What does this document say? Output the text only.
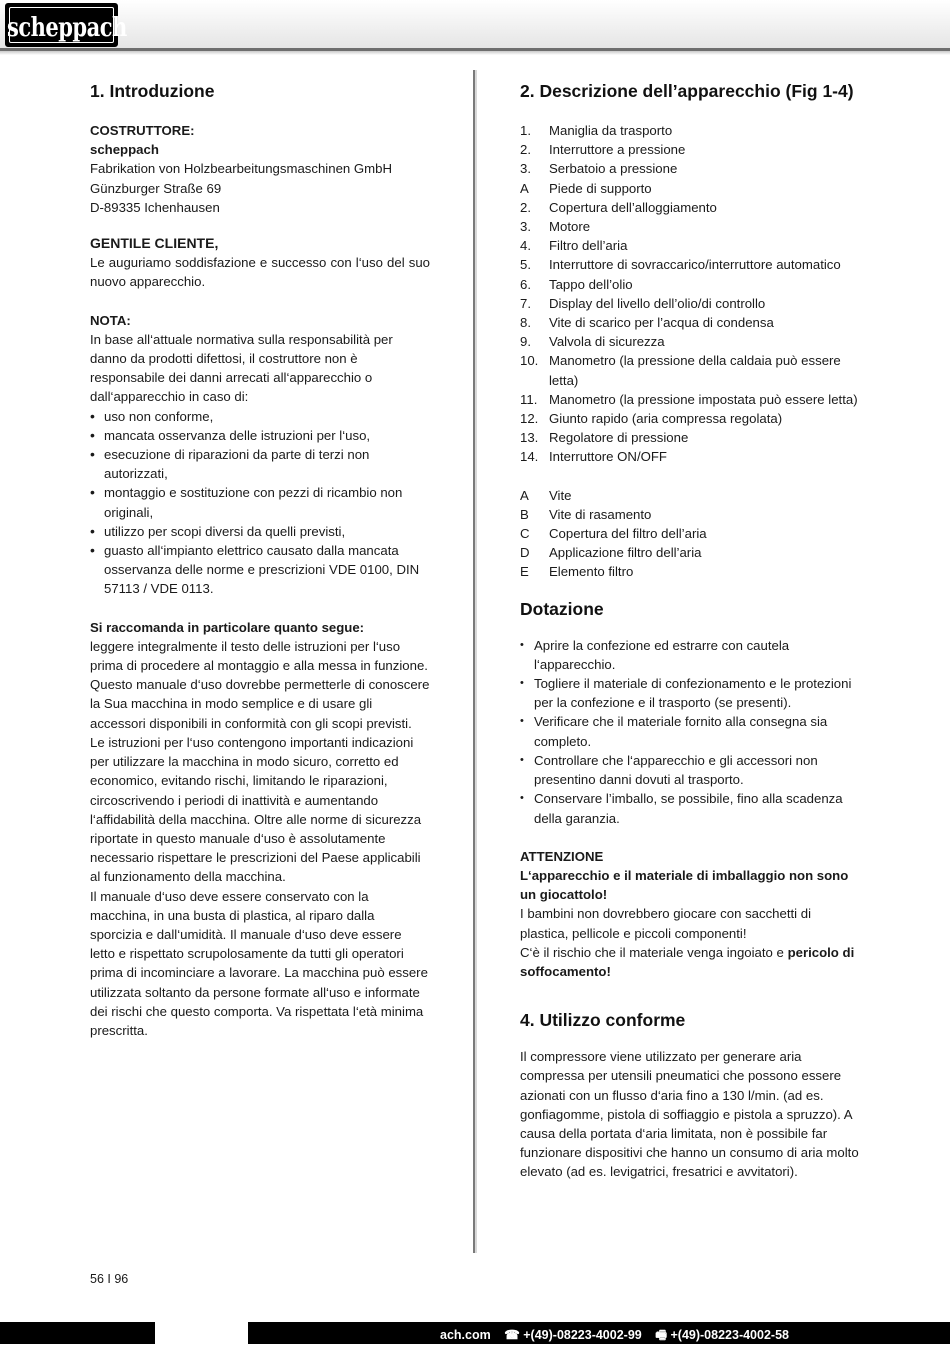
scheppach
1. Introduzione

COSTRUTTORE:

scheppach

Fabrikation von Holzbearbeitungsmaschinen GmbH

Günzburger Straße 69

D-89335 Ichenhausen

GENTILE CLIENTE,

Le auguriamo soddisfazione e successo con l‘uso del suo nuovo apparecchio.

NOTA:

In base all‘attuale normativa sulla responsabilità per danno da prodotti difettosi, il costruttore non è responsabile dei danni arrecati all‘apparecchio o dall‘apparecchio in caso di:

• uso non conforme,
• mancata osservanza delle istruzioni per l‘uso,
• esecuzione di riparazioni da parte di terzi non autorizzati,
• montaggio e sostituzione con pezzi di ricambio non originali,
• utilizzo per scopi diversi da quelli previsti,
• guasto all‘impianto elettrico causato dalla mancata osservanza delle norme e prescrizioni VDE 0100, DIN 57113 / VDE 0113.

Si raccomanda in particolare quanto segue:

leggere integralmente il testo delle istruzioni per l‘uso prima di procedere al montaggio e alla messa in funzione. Questo manuale d‘uso dovrebbe permetterle di conoscere la Sua macchina in modo semplice e di usare gli accessori disponibili in conformità con gli scopi previsti. Le istruzioni per l‘uso contengono importanti indicazioni per utilizzare la macchina in modo sicuro, corretto ed economico, evitando rischi, limitando le riparazioni, circoscrivendo i periodi di inattività e aumentando l‘affidabilità della macchina. Oltre alle norme di sicurezza riportate in questo manuale d‘uso è assolutamente necessario rispettare le prescrizioni del Paese applicabili al funzionamento della macchina.

Il manuale d‘uso deve essere conservato con la macchina, in una busta di plastica, al riparo dalla sporcizia e dall‘umidità. Il manuale d‘uso deve essere letto e rispettato scrupolosamente da tutti gli operatori prima di incominciare a lavorare. La macchina può essere utilizzata soltanto da persone formate all‘uso e informate dei rischi che questo comporta. Va rispettata l‘età minima prescritta.

2. Descrizione dell’apparecchio (Fig 1-4)
1. Maniglia da trasporto
2. Interruttore a pressione
3. Serbatoio a pressione
A Piede di supporto
2. Copertura dell’alloggiamento
3. Motore
4. Filtro dell’aria
5. Interruttore di sovraccarico/interruttore automatico
6. Tappo dell’olio
7. Display del livello dell’olio/di controllo
8. Vite di scarico per l’acqua di condensa
9. Valvola di sicurezza
10. Manometro (la pressione della caldaia può essere letta)
11. Manometro (la pressione impostata può essere letta)
12. Giunto rapido (aria compressa regolata)
13. Regolatore di pressione
14. Interruttore ON/OFF
A Vite
B Vite di rasamento
C Copertura del filtro dell’aria
D Applicazione filtro dell’aria
E Elemento filtro
Dotazione
• Aprire la confezione ed estrarre con cautela l‘apparecchio.
• Togliere il materiale di confezionamento e le protezioni per la confezione e il trasporto (se presenti).
• Verificare che il materiale fornito alla consegna sia completo.
• Controllare che l‘apparecchio e gli accessori non presentino danni dovuti al trasporto.
• Conservare l’imballo, se possibile, fino alla scadenza della garanzia.

ATTENZIONE

L‘apparecchio e il materiale di imballaggio non sono un giocattolo!

I bambini non dovrebbero giocare con sacchetti di plastica, pellicole e piccoli componenti!

C‘è il rischio che il materiale venga ingoiato e pericolo di soffocamento!

4. Utilizzo conforme

Il compressore viene utilizzato per generare aria compressa per utensili pneumatici che possono essere azionati con un flusso d‘aria fino a 130 l/min. (ad es. gonfiagomme, pistola di soffiaggio e pistola a spruzzo). A causa della portata d‘aria limitata, non è possibile far funzionare dispositivi che hanno un consumo di aria molto elevato (ad es. levigatrici, fresatrici e avvitatori).

56 I 96
ach.com ☎ +(49)-08223-4002-99 🖷 +(49)-08223-4002-58
